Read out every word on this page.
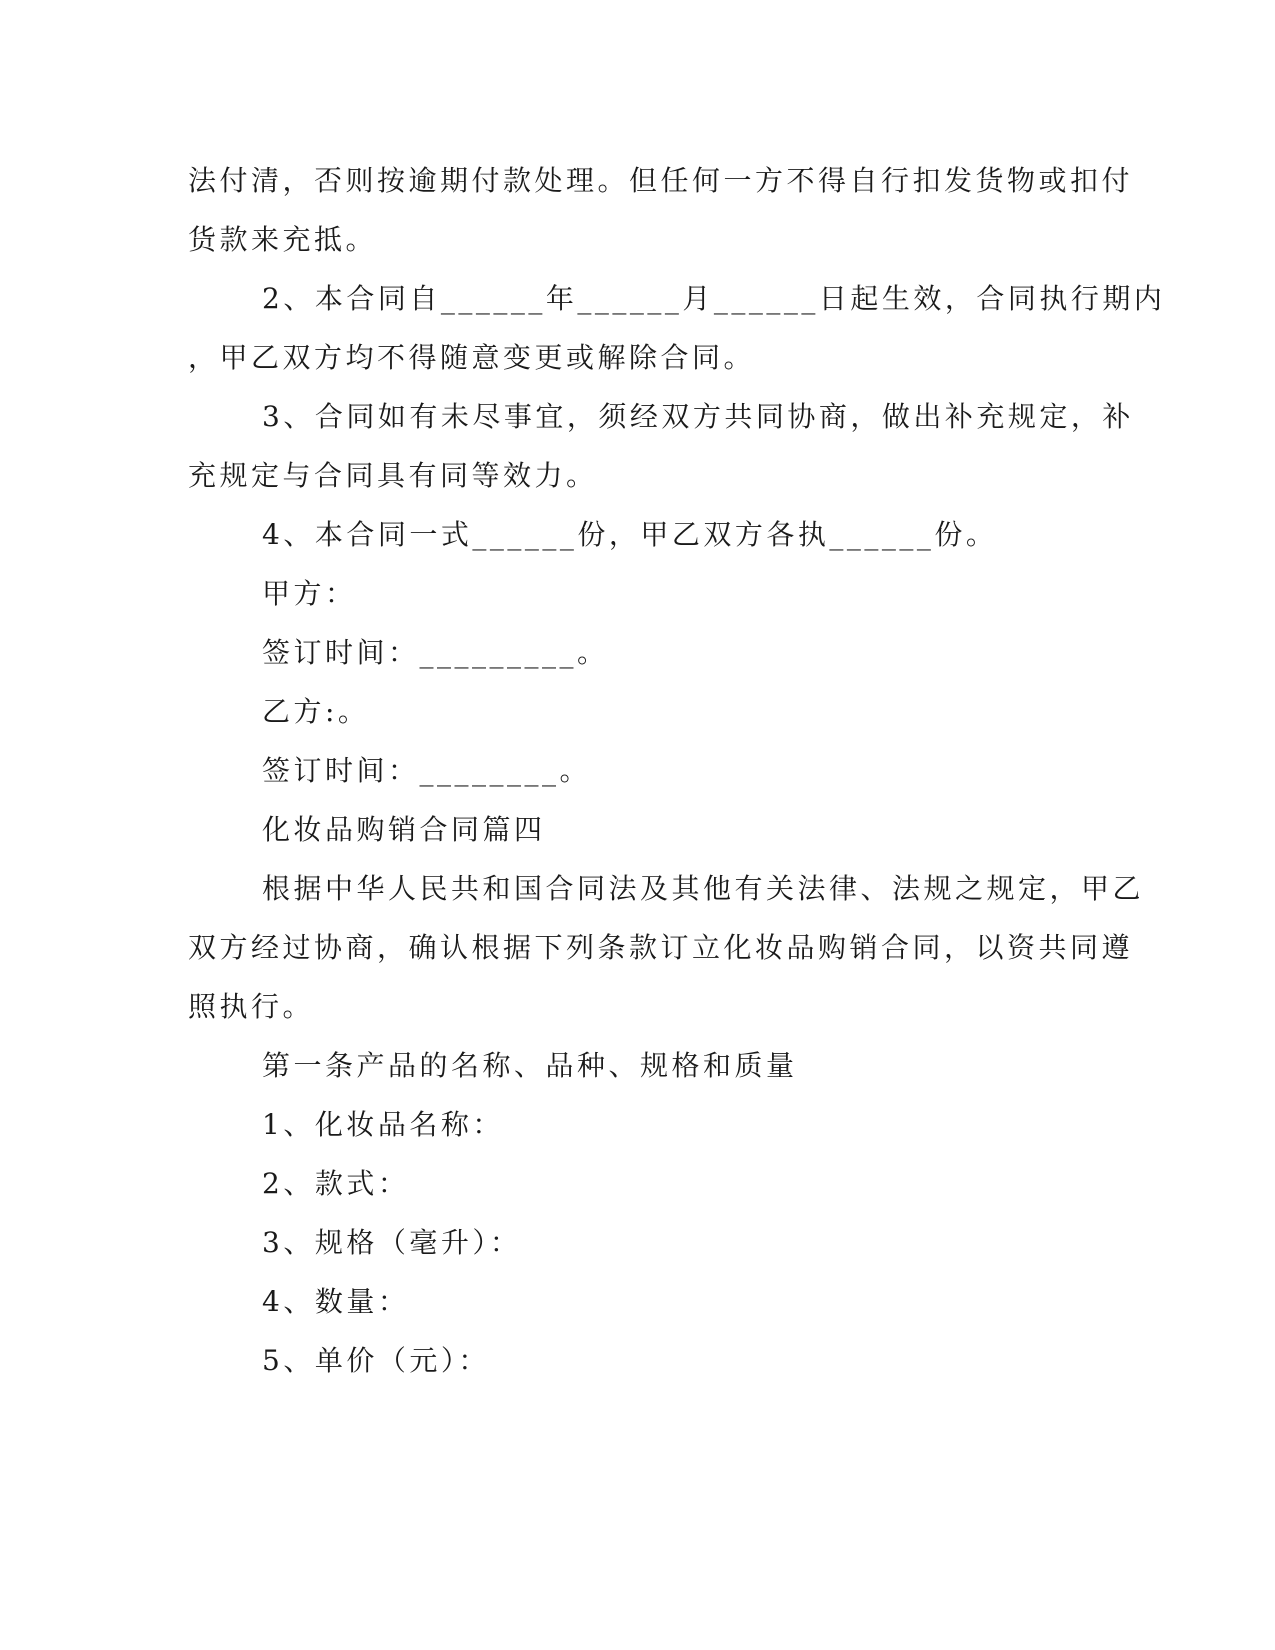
法付清，否则按逾期付款处理。但任何一方不得自行扣发货物或扣付
货款来充抵。
2、本合同自______年______月______日起生效，合同执行期内
，甲乙双方均不得随意变更或解除合同。
3、合同如有未尽事宜，须经双方共同协商，做出补充规定，补
充规定与合同具有同等效力。
4、本合同一式______份，甲乙双方各执______份。
甲方：
签订时间：_________。
乙方:。
签订时间：________。
化妆品购销合同篇四
根据中华人民共和国合同法及其他有关法律、法规之规定，甲乙
双方经过协商，确认根据下列条款订立化妆品购销合同，以资共同遵
照执行。
第一条产品的名称、品种、规格和质量
1、化妆品名称：
2、款式：
3、规格（毫升）：
4、数量：
5、单价（元）：
